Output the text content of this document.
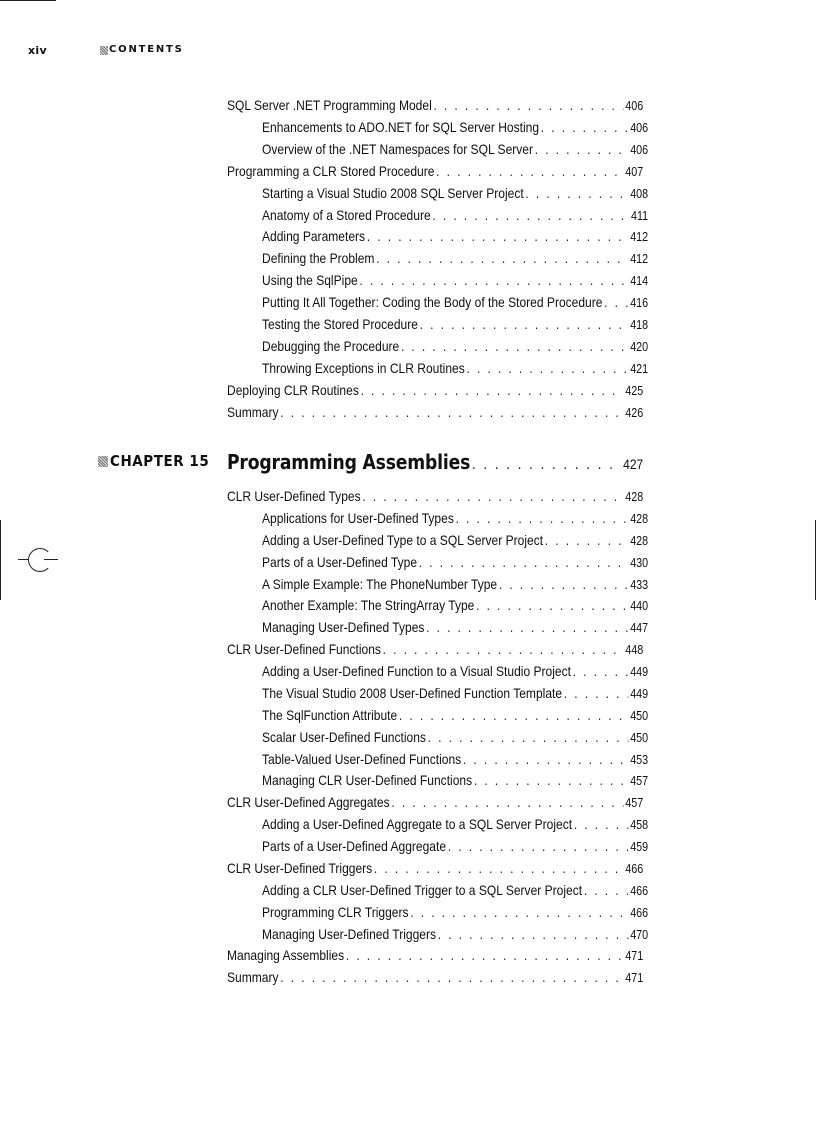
xiv	CONTENTS
SQL Server .NET Programming Model . . .	406
Enhancements to ADO.NET for SQL Server Hosting . . .	406
Overview of the .NET Namespaces for SQL Server . . .	406
Programming a CLR Stored Procedure . . .	407
Starting a Visual Studio 2008 SQL Server Project . . .	408
Anatomy of a Stored Procedure . . .	411
Adding Parameters . . .	412
Defining the Problem . . .	412
Using the SqlPipe . . .	414
Putting It All Together: Coding the Body of the Stored Procedure . . . 416
Testing the Stored Procedure . . .	418
Debugging the Procedure . . .	420
Throwing Exceptions in CLR Routines . . .	421
Deploying CLR Routines . . .	425
Summary . . .	426
CHAPTER 15 Programming Assemblies . . .	427
CLR User-Defined Types . . .	428
Applications for User-Defined Types . . .	428
Adding a User-Defined Type to a SQL Server Project . . .	428
Parts of a User-Defined Type . . .	430
A Simple Example: The PhoneNumber Type . . .	433
Another Example: The StringArray Type . . .	440
Managing User-Defined Types . . .	447
CLR User-Defined Functions . . .	448
Adding a User-Defined Function to a Visual Studio Project . . .	449
The Visual Studio 2008 User-Defined Function Template . . .	449
The SqlFunction Attribute . . .	450
Scalar User-Defined Functions . . .	450
Table-Valued User-Defined Functions . . .	453
Managing CLR User-Defined Functions . . .	457
CLR User-Defined Aggregates . . .	457
Adding a User-Defined Aggregate to a SQL Server Project . . .	458
Parts of a User-Defined Aggregate . . .	459
CLR User-Defined Triggers . . .	466
Adding a CLR User-Defined Trigger to a SQL Server Project . . .	466
Programming CLR Triggers . . .	466
Managing User-Defined Triggers . . .	470
Managing Assemblies . . .	471
Summary . . .	471
